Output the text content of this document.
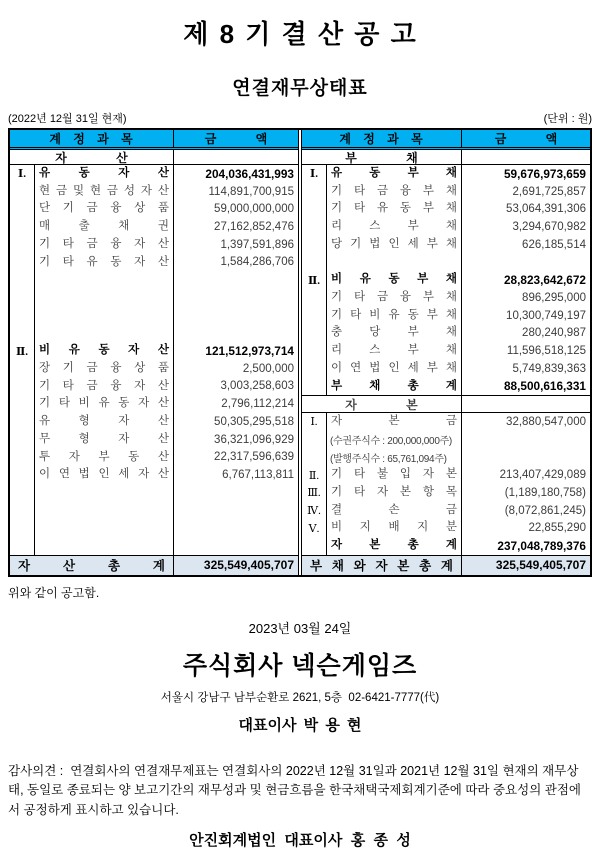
제 8 기 결 산 공 고
연결재무상태표
(2022년 12월 31일 현재)	(단위 : 원)
계 정 과 목	금 액
자 산
Ⅰ.	유 동 자 산	204,036,431,993
현 금 및 현 금 성 자 산	114,891,700,915
단 기 금 융 상 품	59,000,000,000
매 출 채 권	27,162,852,476
기 타 금 융 자 산	1,397,591,896
기 타 유 동 자 산	1,584,286,706
Ⅱ. 비 유 동 자 산	121,512,973,714
장 기 금 융 상 품	2,500,000
기 타 금 융 자 산	3,003,258,603
기 타 비 유 동 자 산	2,796,112,214
유 형 자 산	50,305,295,518
무 형 자 산	36,321,096,929
투 자 부 동 산	22,317,596,639
이 연 법 인 세 자 산	6,767,113,811
자 산 총 계	325,549,405,707
계 정 과 목	금 액
부 채
Ⅰ.	유 동 부 채	59,676,973,659
기 타 금 융 부 채	2,691,725,857
기 타 유 동 부 채	53,064,391,306
리 스 부 채	3,294,670,982
당 기 법 인 세 부 채	626,185,514
Ⅱ. 비 유 동 부 채	28,823,642,672
기 타 금 융 부 채	896,295,000
기 타 비 유 동 부 채	10,300,749,197
충 당 부 채	280,240,987
리 스 부 채	11,596,518,125
이 연 법 인 세 부 채	5,749,839,363
부 채 총 계	88,500,616,331
자 본
Ⅰ.	자 본 금	32,880,547,000
(수권주식수 : 200,000,000주)
(발행주식수 : 65,761,094주)
Ⅱ.	기 타 불 입 자 본	213,407,429,089
Ⅲ. 기 타 자 본 항 목	(1,189,180,758)
Ⅳ. 결 손 금	(8,072,861,245)
Ⅴ.	비 지 배 지 분	22,855,290
자 본 총 계	237,048,789,376
부 채 와 자 본 총 계	325,549,405,707
위와 같이 공고함.
2023년 03월 24일
주식회사 넥슨게임즈
서울시 강남구 남부순환로 2621, 5층  02-6421-7777(代)
대표이사 박 용 현
감사의견 :  연결회사의 연결재무제표는 연결회사의 2022년 12월 31일과 2021년 12월 31일 현재의 재무상태, 동일로 종료되는 양 보고기간의 재무성과 및 현금흐름을 한국채택국제회계기준에 따라 중요성의 관점에서 공정하게 표시하고 있습니다.
안진회계법인  대표이사  홍  종  성
